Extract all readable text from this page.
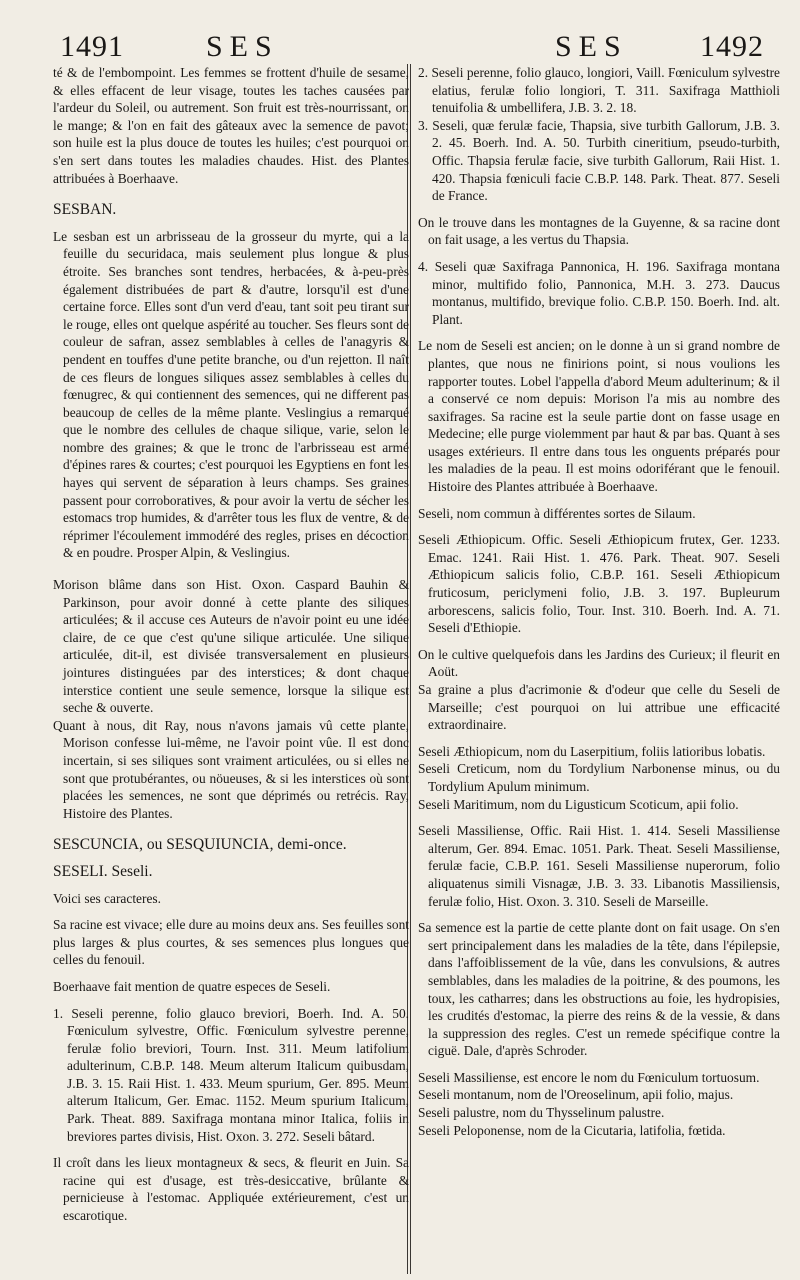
1491	SES	SES 1492

té & de l'embompoint. Les femmes se frottent d'huile de sesame, & elles effacent de leur visage, toutes les taches causées par l'ardeur du Soleil, ou autrement. Son fruit est très-nourrissant, on le mange; & l'on en fait des gâteaux avec la semence de pavot; son huile est la plus douce de toutes les huiles; c'est pourquoi on s'en sert dans toutes les maladies chaudes. Hist. des Plantes attribuées à Boerhaave.

SESBAN.

Le sesban est un arbrisseau de la grosseur du myrte, qui a la feuille du securidaca, mais seulement plus longue & plus étroite. Ses branches sont tendres, herbacées, & à-peu-près également distribuées de part & d'autre, lorsqu'il est d'une certaine force. Elles sont d'un verd d'eau, tant soit peu tirant sur le rouge, elles ont quelque aspérité au toucher. Ses fleurs sont de couleur de safran, assez semblables à celles de l'anagyris & pendent en touffes d'une petite branche, ou d'un rejetton. Il naît de ces fleurs de longues siliques assez semblables à celles du fœnugrec, & qui contiennent des semences, qui ne different pas beaucoup de celles de la même plante. Veslingius a remarqué que le nombre des cellules de chaque silique, varie, selon le nombre des graines; & que le tronc de l'arbrisseau est armé d'épines rares & courtes; c'est pourquoi les Egyptiens en font les hayes qui servent de séparation à leurs champs. Ses graines passent pour corroboratives, & pour avoir la vertu de sécher les estomacs trop humides, & d'arrêter tous les flux de ventre, & de réprimer l'écoulement immodéré des regles, prises en décoction & en poudre. Prosper Alpin, & Veslingius.

Morison blâme dans son Hist. Oxon. Caspard Bauhin & Parkinson, pour avoir donné à cette plante des siliques articulées; & il accuse ces Auteurs de n'avoir point eu une idée claire, de ce que c'est qu'une silique articulée. Une silique articulée, dit-il, est divisée transversalement en plusieurs jointures distinguées par des interstices; & dont chaque interstice contient une seule semence, lorsque la silique est seche & ouverte.

Quant à nous, dit Ray, nous n'avons jamais vû cette plante, Morison confesse lui-même, ne l'avoir point vûe. Il est donc incertain, si ses siliques sont vraiment articulées, ou si elles ne sont que protubérantes, ou nöueuses, & si les interstices où sont placées les semences, ne sont que déprimés ou retrécis. Ray, Histoire des Plantes.

SESCUNCIA, ou SESQUIUNCIA, demi-once.

SESELI. Seseli.

Voici ses caracteres.

Sa racine est vivace; elle dure au moins deux ans. Ses feuilles sont plus larges & plus courtes, & ses semences plus longues que celles du fenouil.

Boerhaave fait mention de quatre especes de Seseli.

1. Seseli perenne, folio glauco breviori, Boerh. Ind. A. 50. Fœniculum sylvestre, Offic. Fœniculum sylvestre perenne, ferulæ folio breviori, Tourn. Inst. 311. Meum latifolium adulterinum, C.B.P. 148. Meum alterum Italicum quibusdam, J.B. 3. 15. Raii Hist. 1. 433. Meum spurium, Ger. 895. Meum alterum Italicum, Ger. Emac. 1152. Meum spurium Italicum, Park. Theat. 889. Saxifraga montana minor Italica, foliis in breviores partes divisis, Hist. Oxon. 3. 272. Seseli bâtard.

Il croît dans les lieux montagneux & secs, & fleurit en Juin. Sa racine qui est d'usage, est très-desiccative, brûlante & pernicieuse à l'estomac. Appliquée extérieurement, c'est un escarotique.

2. Seseli perenne, folio glauco, longiori, Vaill. Fœniculum sylvestre elatius, ferulæ folio longiori, T. 311. Saxifraga Matthioli tenuifolia & umbellifera, J.B. 3. 2. 18.

3. Seseli, quæ ferulæ facie, Thapsia, sive turbith Gallorum, J.B. 3. 2. 45. Boerh. Ind. A. 50. Turbith cineritium, pseudo-turbith, Offic. Thapsia ferulæ facie, sive turbith Gallorum, Raii Hist. 1. 420. Thapsia fœniculi facie C.B.P. 148. Park. Theat. 877. Seseli de France.

On le trouve dans les montagnes de la Guyenne, & sa racine dont on fait usage, a les vertus du Thapsia.

4. Seseli quæ Saxifraga Pannonica, H. 196. Saxifraga montana minor, multifido folio, Pannonica, M.H. 3. 273. Daucus montanus, multifido, brevique folio. C.B.P. 150. Boerh. Ind. alt. Plant.

Le nom de Seseli est ancien; on le donne à un si grand nombre de plantes, que nous ne finirions point, si nous voulions les rapporter toutes. Lobel l'appella d'abord Meum adulterinum; & il a conservé ce nom depuis: Morison l'a mis au nombre des saxifrages. Sa racine est la seule partie dont on fasse usage en Medecine; elle purge violemment par haut & par bas. Quant à ses usages extérieurs. Il entre dans tous les onguents préparés pour les maladies de la peau. Il est moins odoriférant que le fenouil. Histoire des Plantes attribuée à Boerhaave.

Seseli, nom commun à différentes sortes de Silaum.

Seseli Æthiopicum. Offic. Seseli Æthiopicum frutex, Ger. 1233. Emac. 1241. Raii Hist. 1. 476. Park. Theat. 907. Seseli Æthiopicum salicis folio, C.B.P. 161. Seseli Æthiopicum fruticosum, periclymeni folio, J.B. 3. 197. Bupleurum arborescens, salicis folio, Tour. Inst. 310. Boerh. Ind. A. 71. Seseli d'Ethiopie.

On le cultive quelquefois dans les Jardins des Curieux; il fleurit en Aoüt.

Sa graine a plus d'acrimonie & d'odeur que celle du Seseli de Marseille; c'est pourquoi on lui attribue une efficacité extraordinaire.

Seseli Æthiopicum, nom du Laserpitium, foliis latioribus lobatis.

Seseli Creticum, nom du Tordylium Narbonense minus, ou du Tordylium Apulum minimum.

Seseli Maritimum, nom du Ligusticum Scoticum, apii folio.

Seseli Massiliense, Offic. Raii Hist. 1. 414. Seseli Massiliense alterum, Ger. 894. Emac. 1051. Park. Theat. Seseli Massiliense, ferulæ facie, C.B.P. 161. Seseli Massiliense nuperorum, folio aliquatenus simili Visnagæ, J.B. 3. 33. Libanotis Massiliensis, ferulæ folio, Hist. Oxon. 3. 310. Seseli de Marseille.

Sa semence est la partie de cette plante dont on fait usage. On s'en sert principalement dans les maladies de la tête, dans l'épilepsie, dans l'affoiblissement de la vûe, dans les convulsions, & autres semblables, dans les maladies de la poitrine, & des poumons, les toux, les catharres; dans les obstructions au foie, les hydropisies, les crudités d'estomac, la pierre des reins & de la vessie, & dans la suppression des regles. C'est un remede spécifique contre la ciguë. Dale, d'après Schroder.

Seseli Massiliense, est encore le nom du Fœniculum tortuosum.

Seseli montanum, nom de l'Oreoselinum, apii folio, majus.

Seseli palustre, nom du Thysselinum palustre.

Seseli Peloponense, nom de la Cicutaria, latifolia, fœtida.
